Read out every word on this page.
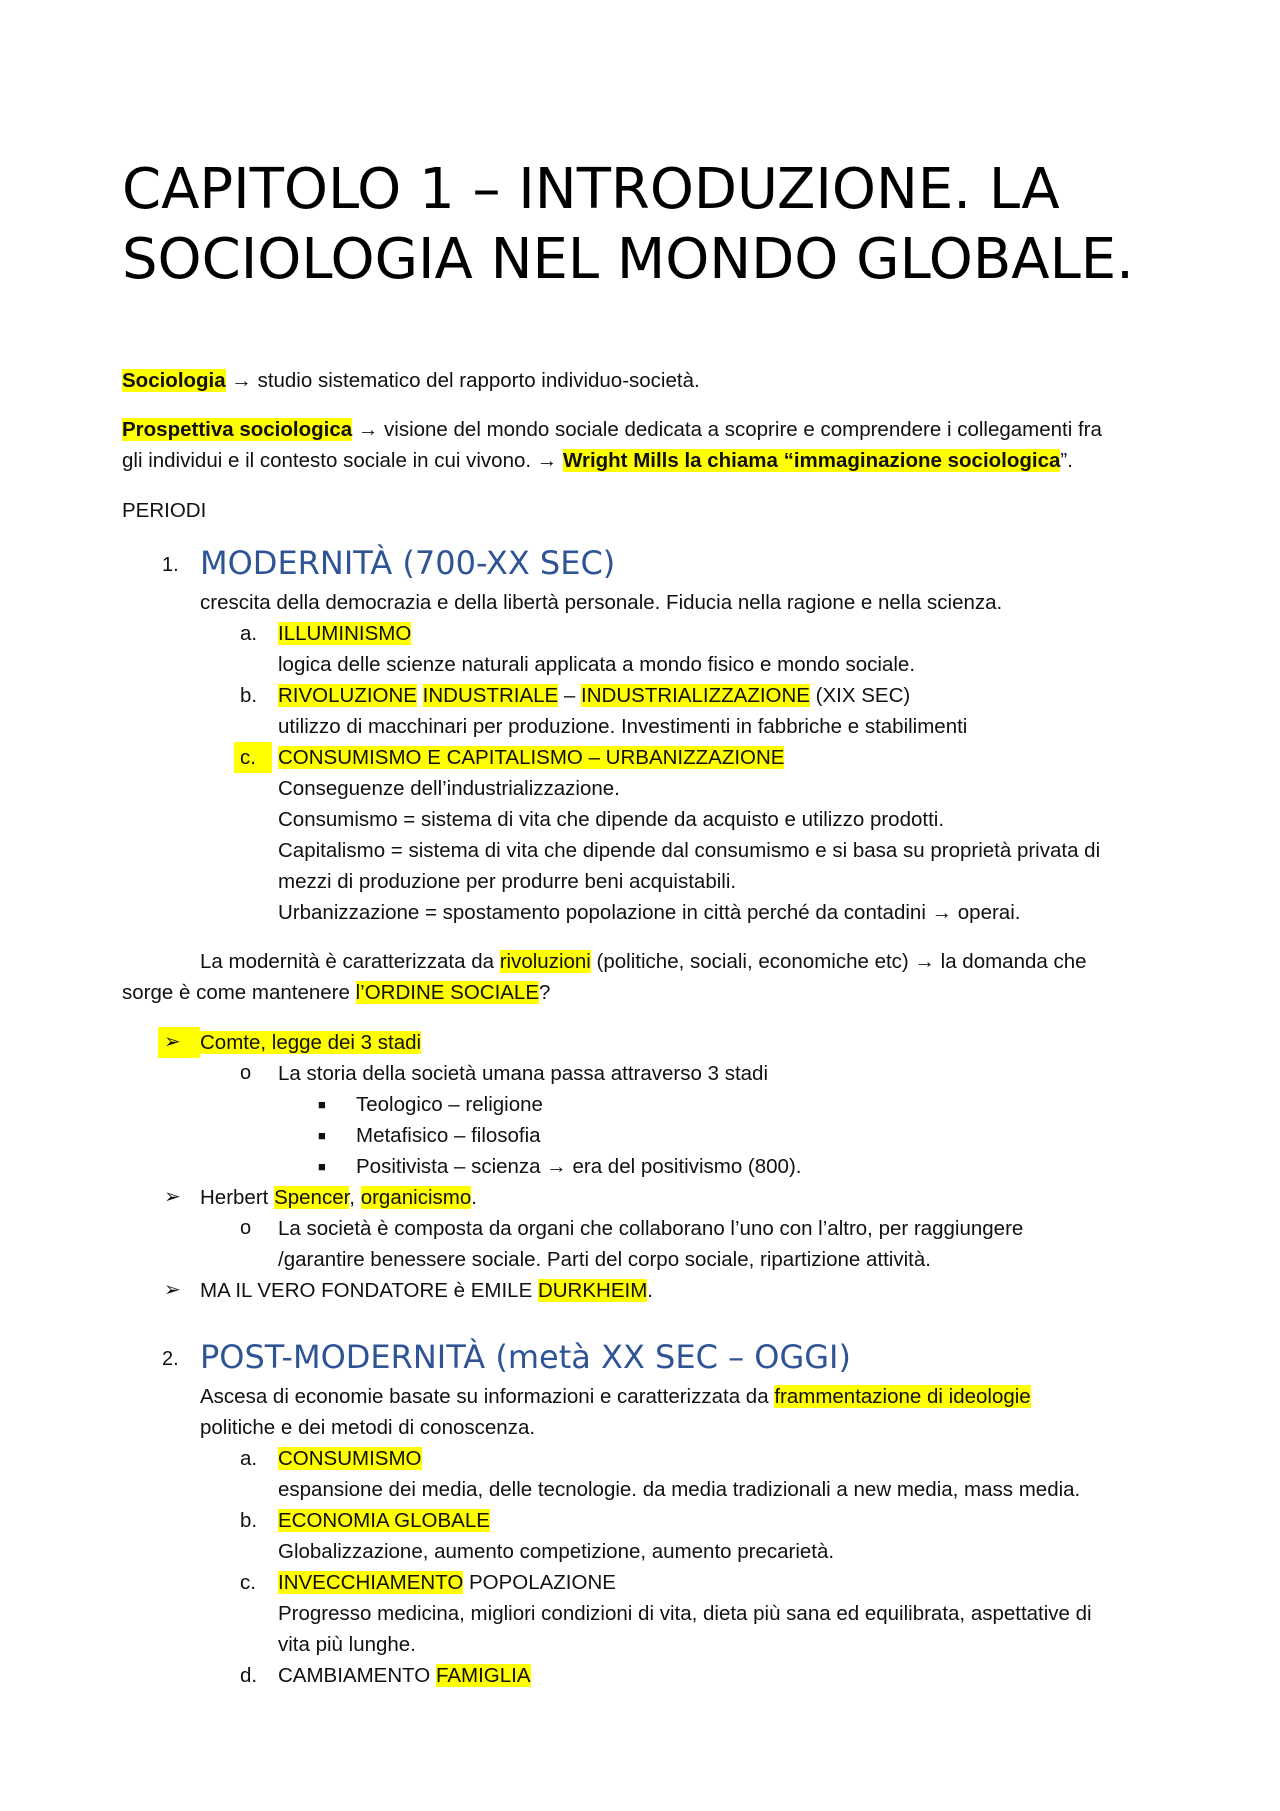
CAPITOLO 1 – INTRODUZIONE. LA SOCIOLOGIA NEL MONDO GLOBALE.
Sociologia → studio sistematico del rapporto individuo-società.
Prospettiva sociologica → visione del mondo sociale dedicata a scoprire e comprendere i collegamenti fra
gli individui e il contesto sociale in cui vivono. → Wright Mills la chiama “immaginazione sociologica”.
PERIODI
1. MODERNITÀ (700-XX SEC)
crescita della democrazia e della libertà personale. Fiducia nella ragione e nella scienza.
a. ILLUMINISMO
logica delle scienze naturali applicata a mondo fisico e mondo sociale.
b. RIVOLUZIONE INDUSTRIALE – INDUSTRIALIZZAZIONE (XIX SEC)
utilizzo di macchinari per produzione. Investimenti in fabbriche e stabilimenti
c.	CONSUMISMO E CAPITALISMO – URBANIZZAZIONE
Conseguenze dell’industrializzazione.
Consumismo = sistema di vita che dipende da acquisto e utilizzo prodotti.
Capitalismo = sistema di vita che dipende dal consumismo e si basa su proprietà privata di
mezzi di produzione per produrre beni acquistabili.
Urbanizzazione = spostamento popolazione in città perché da contadini → operai.
La modernità è caratterizzata da rivoluzioni (politiche, sociali, economiche etc) → la domanda che
sorge è come mantenere l’ORDINE SOCIALE?
➢ Comte, legge dei 3 stadi
o La storia della società umana passa attraverso 3 stadi
■ Teologico – religione
■ Metafisico – filosofia
■ Positivista – scienza → era del positivismo (800).
➢ Herbert Spencer, organicismo.
o La società è composta da organi che collaborano l’uno con l’altro, per raggiungere
/garantire benessere sociale. Parti del corpo sociale, ripartizione attività.
➢ MA IL VERO FONDATORE è EMILE DURKHEIM.
2. POST-MODERNITÀ (metà XX SEC – OGGI)
Ascesa di economie basate su informazioni e caratterizzata da frammentazione di ideologie
politiche e dei metodi di conoscenza.
a. CONSUMISMO
espansione dei media, delle tecnologie. da media tradizionali a new media, mass media.
b. ECONOMIA GLOBALE
Globalizzazione, aumento competizione, aumento precarietà.
c. INVECCHIAMENTO POPOLAZIONE
Progresso medicina, migliori condizioni di vita, dieta più sana ed equilibrata, aspettative di
vita più lunghe.
d. CAMBIAMENTO FAMIGLIA
